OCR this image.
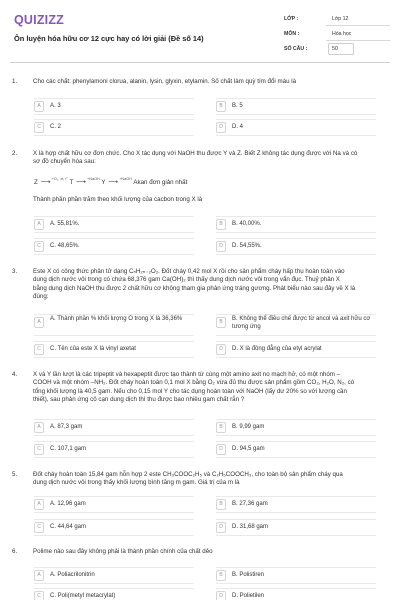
QUIZIZZ
Ôn luyện hóa hữu cơ 12 cực hay có lời giải (Đề số 14)
LỚP :	Lớp 12
MÔN :	Hóa học
SỐ CÂU :	50
1.	Cho các chất: phenylamoni clorua, alanin, lysin, glyxin, etylamin. Số chất làm quỳ tím đổi màu là
A	A. 3	B	B. 5
C	C. 2	D	D. 4
2.	X là hợp chất hữu cơ đơn chức. Cho X tác dụng với NaOH thu được Y và Z. Biết Z không tác dụng được với Na và có
sơ đồ chuyển hóa sau:
Z ⟶$^{+O_2, xt, t^\circ}$ T ⟶$^{+NaOH}$ Y ⟶$^{+NaOH}$ Akan đơn giản nhất
Thành phần phần trăm theo khối lượng của cacbon trong X là
A	A. 55,81%.	B	B. 40,00%.
C	C. 48,65%.	D	D. 54,55%.
3.	Este X có công thức phân tử dạng CₙH₂ₙ₋₂O₂. Đốt cháy 0,42 mol X rồi cho sản phẩm cháy hấp thụ hoàn toàn vào
dung dịch nước vôi trong có chứa 68,376 gam Ca(OH)₂ thì thấy dung dịch nước vôi trong vẩn đục. Thuỷ phân X
bằng dung dịch NaOH thu được 2 chất hữu cơ không tham gia phản ứng tráng gương. Phát biểu nào sau đây về X là
đúng:
A	A. Thành phần % khối lượng O trong X là 36,36%	B	B. Không thể điều chế được từ ancol và axit hữu cơ tương ứng
C	C. Tên của este X là vinyl axetat	D	D. X là đồng đẳng của etyl acrylat
4.	X và Y lần lượt là các tripeptit và hexapeptit được tạo thành từ cùng một amino axit no mạch hở, có một nhóm –
COOH và một nhóm –NH₂. Đốt cháy hoàn toàn 0,1 mol X bằng O₂ vừa đủ thu được sản phẩm gồm CO₂, H₂O, N₂, có
tổng khối lượng là 40,5 gam. Nếu cho 0,15 mol Y cho tác dụng hoàn toàn với NaOH (lấy dư 20% so với lượng cần
thiết), sau phản ứng cô cạn dung dịch thì thu được bao nhiêu gam chất rắn ?
A	A. 87,3 gam	B	B. 9,99 gam
C	C. 107,1 gam	D	D. 94,5 gam
5.	Đốt cháy hoàn toàn 15,84 gam hỗn hợp 2 este CH₃COOC₂H₅ và C₂H₅COOCH₃, cho toàn bộ sản phẩm cháy qua
dung dịch nước vôi trong thấy khối lượng bình tăng m gam. Giá trị của m là
A	A. 12,96 gam	B	B. 27,36 gam
C	C. 44,64 gam	D	D. 31,68 gam
6.	Polime nào sau đây không phải là thành phần chính của chất dẻo
A	A. Poliacrilonitrin	B	B. Polistiren
C	C. Poli(metyl metacrylat)	D	D. Polietilen
